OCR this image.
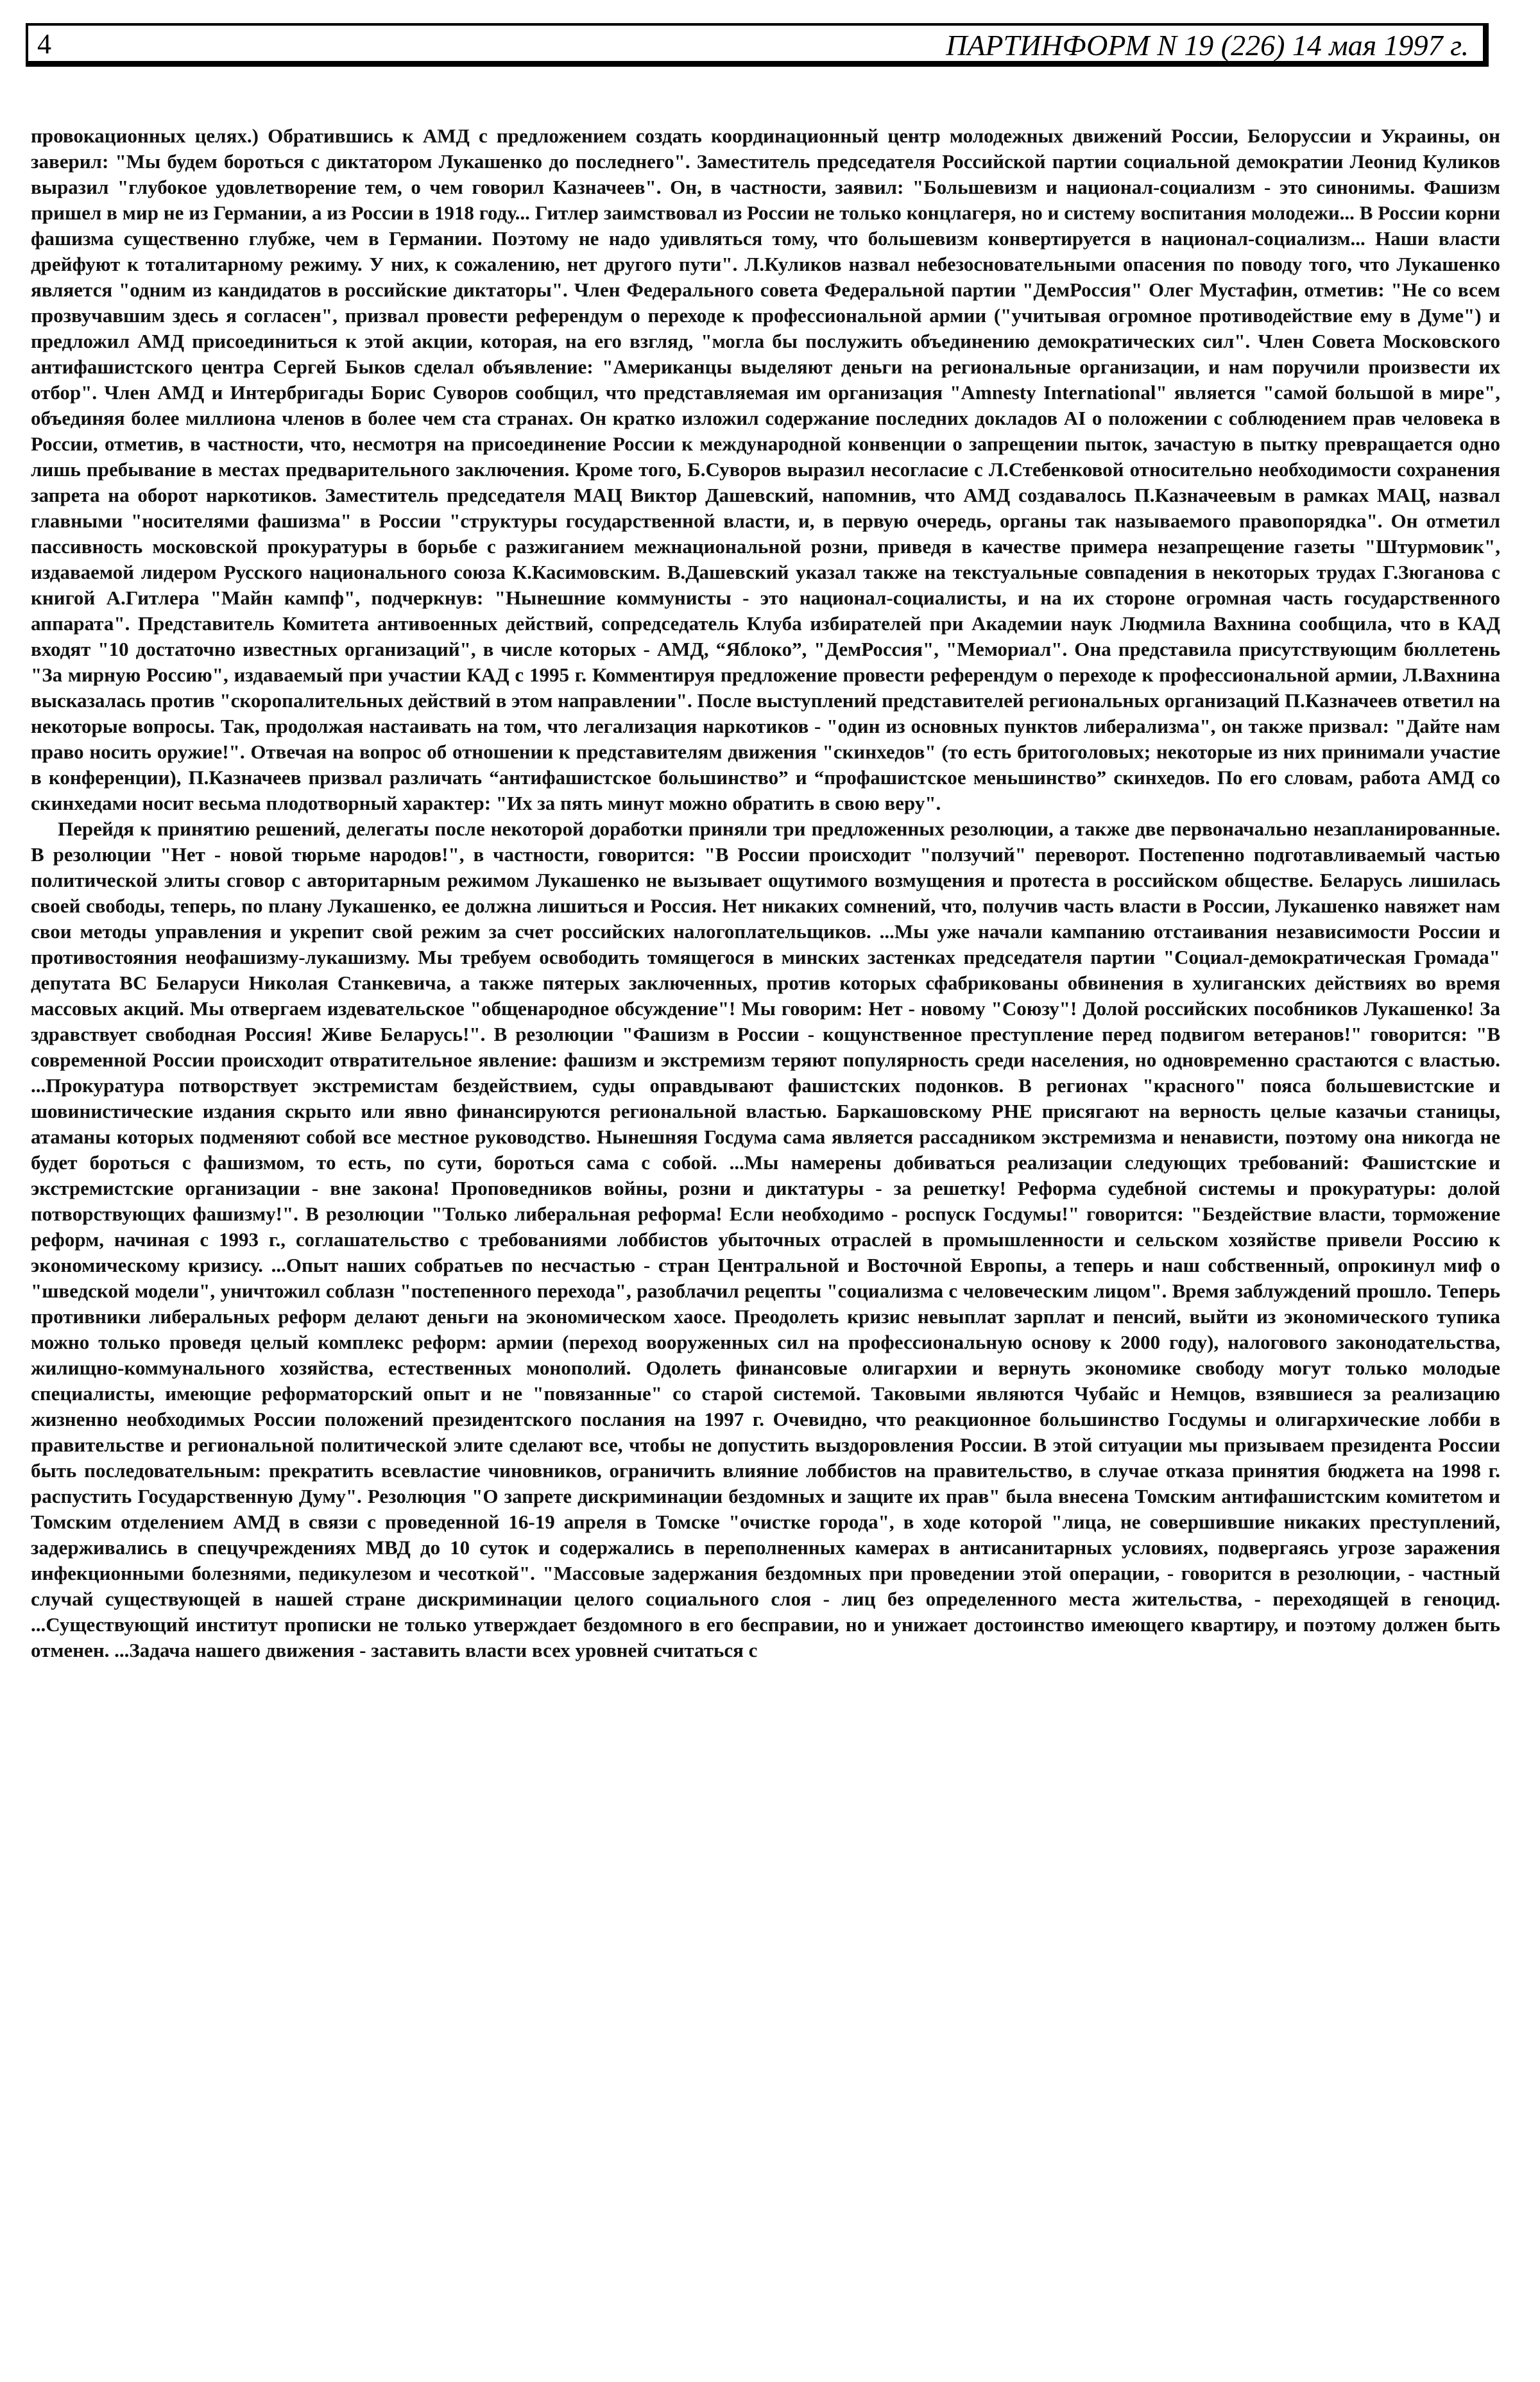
4	ПАРТИНФОРМ N 19 (226) 14 мая 1997 г.

провокационных целях.) Обратившись к АМД с предложением создать координационный центр молодежных движений России, Белоруссии и Украины, он заверил: "Мы будем бороться с диктатором Лукашенко до последнего". Заместитель председателя Российской партии социальной демократии Леонид Куликов выразил "глубокое удовлетворение тем, о чем говорил Казначеев". Он, в частности, заявил: "Большевизм и национал-социализм - это синонимы. Фашизм пришел в мир не из Германии, а из России в 1918 году... Гитлер заимствовал из России не только концлагеря, но и систему воспитания молодежи... В России корни фашизма существенно глубже, чем в Германии. Поэтому не надо удивляться тому, что большевизм конвертируется в национал-социализм... Наши власти дрейфуют к тоталитарному режиму. У них, к сожалению, нет другого пути". Л.Куликов назвал небезосновательными опасения по поводу того, что Лукашенко является "одним из кандидатов в российские диктаторы". Член Федерального совета Федеральной партии "ДемРоссия" Олег Мустафин, отметив: "Не со всем прозвучавшим здесь я согласен", призвал провести референдум о переходе к профессиональной армии ("учитывая огромное противодействие ему в Думе") и предложил АМД присоединиться к этой акции, которая, на его взгляд, "могла бы послужить объединению демократических сил". Член Совета Московского антифашистского центра Сергей Быков сделал объявление: "Американцы выделяют деньги на региональные организации, и нам поручили произвести их отбор". Член АМД и Интербригады Борис Суворов сообщил, что представляемая им организация "Amnesty International" является "самой большой в мире", объединяя более миллиона членов в более чем ста странах. Он кратко изложил содержание последних докладов AI о положении с соблюдением прав человека в России, отметив, в частности, что, несмотря на присоединение России к международной конвенции о запрещении пыток, зачастую в пытку превращается одно лишь пребывание в местах предварительного заключения. Кроме того, Б.Суворов выразил несогласие с Л.Стебенковой относительно необходимости сохранения запрета на оборот наркотиков. Заместитель председателя МАЦ Виктор Дашевский, напомнив, что АМД создавалось П.Казначеевым в рамках МАЦ, назвал главными "носителями фашизма" в России "структуры государственной власти, и, в первую очередь, органы так называемого правопорядка". Он отметил пассивность московской прокуратуры в борьбе с разжиганием межнациональной розни, приведя в качестве примера незапрещение газеты "Штурмовик", издаваемой лидером Русского национального союза К.Касимовским. В.Дашевский указал также на текстуальные совпадения в некоторых трудах Г.Зюганова с книгой А.Гитлера "Майн кампф", подчеркнув: "Нынешние коммунисты - это национал-социалисты, и на их стороне огромная часть государственного аппарата". Представитель Комитета антивоенных действий, сопредседатель Клуба избирателей при Академии наук Людмила Вахнина сообщила, что в КАД входят "10 достаточно известных организаций", в числе которых - АМД, “Яблоко”, "ДемРоссия", "Мемориал". Она представила присутствующим бюллетень "За мирную Россию", издаваемый при участии КАД с 1995 г. Комментируя предложение провести референдум о переходе к профессиональной армии, Л.Вахнина высказалась против "скоропалительных действий в этом направлении". После выступлений представителей региональных организаций П.Казначеев ответил на некоторые вопросы. Так, продолжая настаивать на том, что легализация наркотиков - "один из основных пунктов либерализма", он также призвал: "Дайте нам право носить оружие!". Отвечая на вопрос об отношении к представителям движения "скинхедов" (то есть бритоголовых; некоторые из них принимали участие в конференции), П.Казначеев призвал различать “антифашистское большинство” и “профашистское меньшинство” скинхедов. По его словам, работа АМД со скинхедами носит весьма плодотворный характер: "Их за пять минут можно обратить в свою веру".

Перейдя к принятию решений, делегаты после некоторой доработки приняли три предложенных резолюции, а также две первоначально незапланированные. В резолюции "Нет - новой тюрьме народов!", в частности, говорится: "В России происходит "ползучий" переворот. Постепенно подготавливаемый частью политической элиты сговор с авторитарным режимом Лукашенко не вызывает ощутимого возмущения и протеста в российском обществе. Беларусь лишилась своей свободы, теперь, по плану Лукашенко, ее должна лишиться и Россия. Нет никаких сомнений, что, получив часть власти в России, Лукашенко навяжет нам свои методы управления и укрепит свой режим за счет российских налогоплательщиков. ...Мы уже начали кампанию отстаивания независимости России и противостояния неофашизму-лукашизму. Мы требуем освободить томящегося в минских застенках председателя партии "Социал-демократическая Громада" депутата ВС Беларуси Николая Станкевича, а также пятерых заключенных, против которых сфабрикованы обвинения в хулиганских действиях во время массовых акций. Мы отвергаем издевательское "общенародное обсуждение"! Мы говорим: Нет - новому "Союзу"! Долой российских пособников Лукашенко! За здравствует свободная Россия! Живе Беларусь!". В резолюции "Фашизм в России - кощунственное преступление перед подвигом ветеранов!" говорится: "В современной России происходит отвратительное явление: фашизм и экстремизм теряют популярность среди населения, но одновременно срастаются с властью. ...Прокуратура потворствует экстремистам бездействием, суды оправдывают фашистских подонков. В регионах "красного" пояса большевистские и шовинистические издания скрыто или явно финансируются региональной властью. Баркашовскому РНЕ присягают на верность целые казачьи станицы, атаманы которых подменяют собой все местное руководство. Нынешняя Госдума сама является рассадником экстремизма и ненависти, поэтому она никогда не будет бороться с фашизмом, то есть, по сути, бороться сама с собой. ...Мы намерены добиваться реализации следующих требований: Фашистские и экстремистские организации - вне закона! Проповедников войны, розни и диктатуры - за решетку! Реформа судебной системы и прокуратуры: долой потворствующих фашизму!". В резолюции "Только либеральная реформа! Если необходимо - роспуск Госдумы!" говорится: "Бездействие власти, торможение реформ, начиная с 1993 г., соглашательство с требованиями лоббистов убыточных отраслей в промышленности и сельском хозяйстве привели Россию к экономическому кризису. ...Опыт наших собратьев по несчастью - стран Центральной и Восточной Европы, а теперь и наш собственный, опрокинул миф о "шведской модели", уничтожил соблазн "постепенного перехода", разоблачил рецепты "социализма с человеческим лицом". Время заблуждений прошло. Теперь противники либеральных реформ делают деньги на экономическом хаосе. Преодолеть кризис невыплат зарплат и пенсий, выйти из экономического тупика можно только проведя целый комплекс реформ: армии (переход вооруженных сил на профессиональную основу к 2000 году), налогового законодательства, жилищно-коммунального хозяйства, естественных монополий. Одолеть финансовые олигархии и вернуть экономике свободу могут только молодые специалисты, имеющие реформаторский опыт и не "повязанные" со старой системой. Таковыми являются Чубайс и Немцов, взявшиеся за реализацию жизненно необходимых России положений президентского послания на 1997 г. Очевидно, что реакционное большинство Госдумы и олигархические лобби в правительстве и региональной политической элите сделают все, чтобы не допустить выздоровления России. В этой ситуации мы призываем президента России быть последовательным: прекратить всевластие чиновников, ограничить влияние лоббистов на правительство, в случае отказа принятия бюджета на 1998 г. распустить Государственную Думу". Резолюция "О запрете дискриминации бездомных и защите их прав" была внесена Томским антифашистским комитетом и Томским отделением АМД в связи с проведенной 16-19 апреля в Томске "очистке города", в ходе которой "лица, не совершившие никаких преступлений, задерживались в спецучреждениях МВД до 10 суток и содержались в переполненных камерах в антисанитарных условиях, подвергаясь угрозе заражения инфекционными болезнями, педикулезом и чесоткой". "Массовые задержания бездомных при проведении этой операции, - говорится в резолюции, - частный случай существующей в нашей стране дискриминации целого социального слоя - лиц без определенного места жительства, - переходящей в геноцид. ...Существующий институт прописки не только утверждает бездомного в его бесправии, но и унижает достоинство имеющего квартиру, и поэтому должен быть отменен. ...Задача нашего движения - заставить власти всех уровней считаться с
